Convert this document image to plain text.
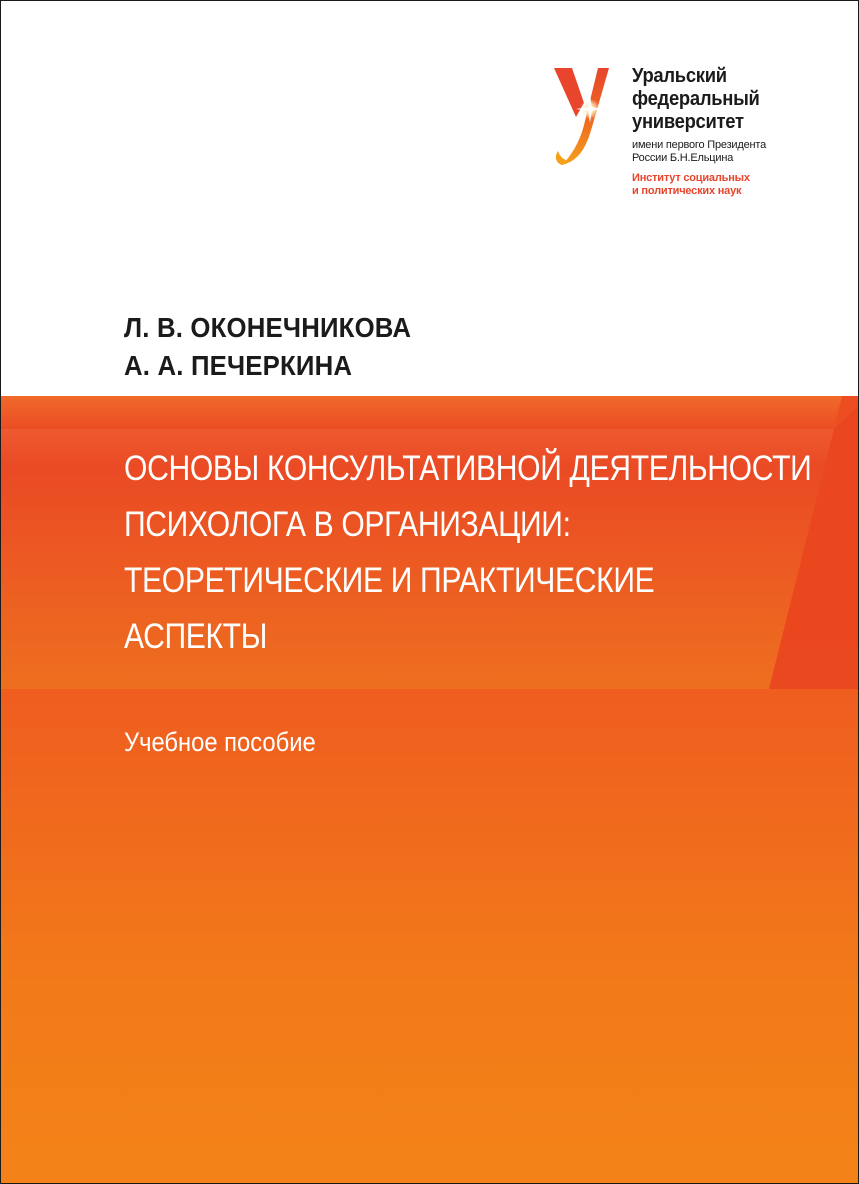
Уральский
федеральный
университет
имени первого Президента
России Б.Н.Ельцина
Институт социальных
и политических наук
Л. В. ОКОНЕЧНИКОВА
А. А. ПЕЧЕРКИНА
ОСНОВЫ КОНСУЛЬТАТИВНОЙ ДЕЯТЕЛЬНОСТИ
ПСИХОЛОГА В ОРГАНИЗАЦИИ:
ТЕОРЕТИЧЕСКИЕ И ПРАКТИЧЕСКИЕ
АСПЕКТЫ
Учебное пособие
